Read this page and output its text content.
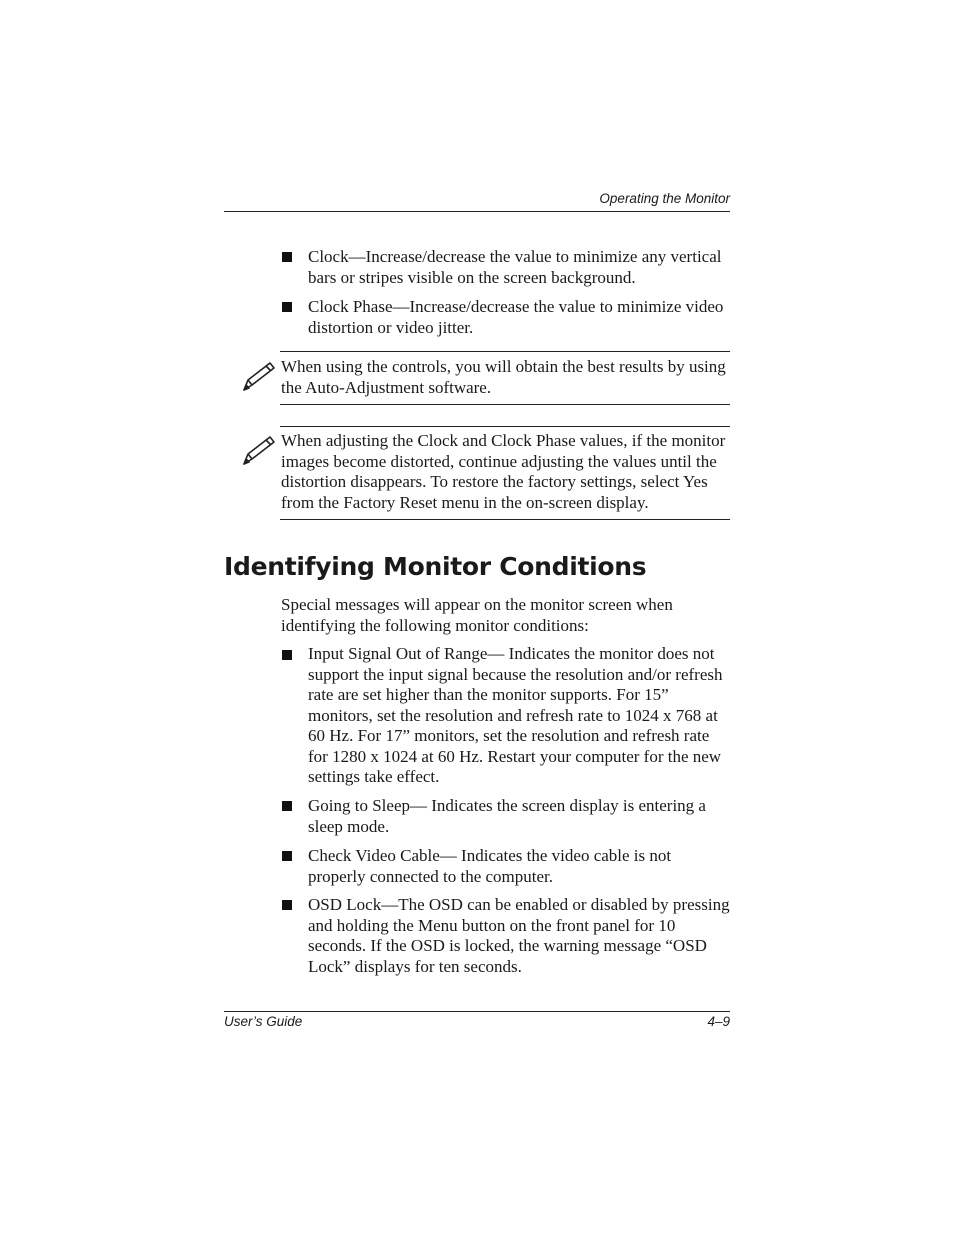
Operating the Monitor
Clock—Increase/decrease the value to minimize any vertical bars or stripes visible on the screen background.
Clock Phase—Increase/decrease the value to minimize video distortion or video jitter.
When using the controls, you will obtain the best results by using the Auto-Adjustment software.
When adjusting the Clock and Clock Phase values, if the monitor images become distorted, continue adjusting the values until the distortion disappears. To restore the factory settings, select Yes from the Factory Reset menu in the on-screen display.
Identifying Monitor Conditions
Special messages will appear on the monitor screen when identifying the following monitor conditions:
Input Signal Out of Range— Indicates the monitor does not support the input signal because the resolution and/or refresh rate are set higher than the monitor supports. For 15” monitors, set the resolution and refresh rate to 1024 x 768 at 60 Hz. For 17” monitors, set the resolution and refresh rate for 1280 x 1024 at 60 Hz. Restart your computer for the new settings take effect.
Going to Sleep— Indicates the screen display is entering a sleep mode.
Check Video Cable— Indicates the video cable is not properly connected to the computer.
OSD Lock—The OSD can be enabled or disabled by pressing and holding the Menu button on the front panel for 10 seconds. If the OSD is locked, the warning message “OSD Lock” displays for ten seconds.
User’s Guide	4–9
